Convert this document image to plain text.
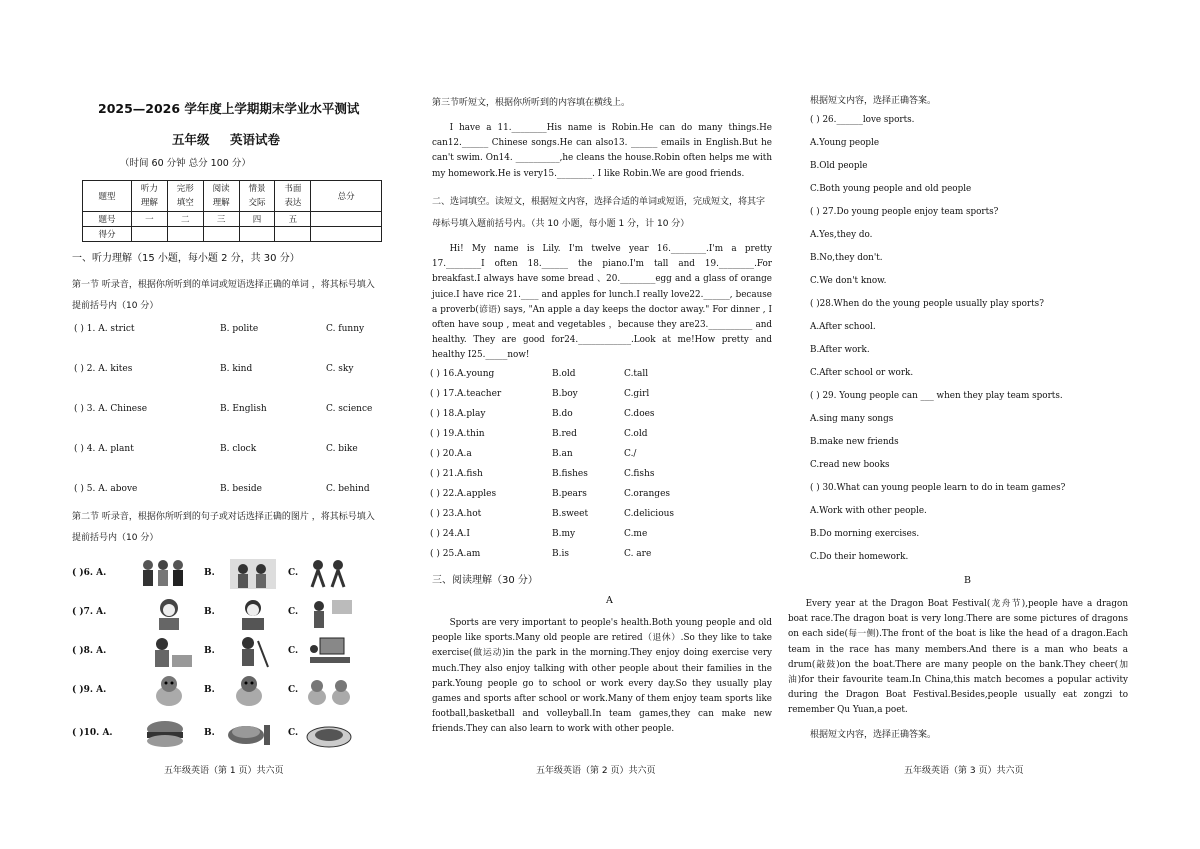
2025—2026 学年度上学期期末学业水平测试
五年级 英语试卷
（时间 60 分钟 总分 100 分）
题型	听力理解	完形填空	阅读理解	情景交际	书面表达	总分
题号	一	二	三	四	五	
得分						
一、听力理解（15 小题，每小题 2 分，共 30 分）
第一节 听录音，根据你所听到的单词或短语选择正确的单词 ，将其标号填入
提前括号内（10 分）
( ) 1. A. strict	B. polite	C. funny
( ) 2. A. kites	B. kind	C. sky
( ) 3. A. Chinese	B. English	C. science
( ) 4. A. plant	B. clock	C. bike
( ) 5. A. above	B. beside	C. behind
第二节 听录音，根据你所听到的句子或对话选择正确的图片 ，将其标号填入
提前括号内（10 分）
( )6. A.	B.	C.
( )7. A.	B.	C.
( )8. A.	B.	C.
( )9. A.	B.	C.
( )10. A.	B.	C.
五年级英语（第 1 页）共六页
第三节听短文，根据你所听到的内容填在横线上。

I have a 11.________His name is Robin.He can do many things.He can12.______ Chinese songs.He can also13. ______ emails in English.But he can't swim. On14. __________,he cleans the house.Robin often helps me with my homework.He is very15.________. I like Robin.We are good friends.

二、选词填空。读短文，根据短文内容，选择合适的单词或短语，完成短文，将其字母标号填入题前括号内。（共 10 小题，每小题 1 分，计 10 分）

Hi! My name is Lily. I'm twelve year 16.________.I'm a pretty 17.________I often 18.______ the piano.I'm tall and 19.________.For breakfast.I always have some bread 、20.________egg and a glass of orange juice.I have rice 21.____ and apples for lunch.I really love22.______, because a proverb(谚语) says, "An apple a day keeps the doctor away." For dinner , I often have soup , meat and vegetables ，because they are23.__________ and healthy. They are good for24.____________.Look at me!How pretty and healthy I25._____now!

( ) 16.A.young	B.old	C.tall
( ) 17.A.teacher	B.boy	C.girl
( ) 18.A.play	B.do	C.does
( ) 19.A.thin	B.red	C.old
( ) 20.A.a	B.an	C./
( ) 21.A.fish	B.fishes	C.fishs
( ) 22.A.apples	B.pears	C.oranges
( ) 23.A.hot	B.sweet	C.delicious
( ) 24.A.I	B.my	C.me
( ) 25.A.am	B.is	C. are
三、阅读理解（30 分）
A

Sports are very important to people's health.Both young people and old people like sports.Many old people are retired（退休）.So they like to take exercise(做运动)in the park in the morning.They enjoy doing exercise very much.They also enjoy talking with other people about their families in the park.Young people go to school or work every day.So they usually play games and sports after school or work.Many of them enjoy team sports like football,basketball and volleyball.In team games,they can make new friends.They can also learn to work with other people.

五年级英语（第 2 页）共六页
根据短文内容，选择正确答案。
( ) 26.______love sports.
A.Young people
B.Old people
C.Both young people and old people
( ) 27.Do young people enjoy team sports?
A.Yes,they do.
B.No,they don't.
C.We don't know.
( )28.When do the young people usually play sports?
A.After school.
B.After work.
C.After school or work.
( ) 29. Young people can ___ when they play team sports.
A.sing many songs
B.make new friends
C.read new books
( ) 30.What can young people learn to do in team games?
A.Work with other people.
B.Do morning exercises.
C.Do their homework.
B

Every year at the Dragon Boat Festival(龙舟节),people have a dragon boat race.The dragon boat is very long.There are some pictures of dragons on each side(每一侧).The front of the boat is like the head of a dragon.Each team in the race has many members.And there is a man who beats a drum(敲鼓)on the boat.There are many people on the bank.They cheer(加油)for their favourite team.In China,this match becomes a popular activity during the Dragon Boat Festival.Besides,people usually eat zongzi to remember Qu Yuan,a poet.

根据短文内容，选择正确答案。
五年级英语（第 3 页）共六页
